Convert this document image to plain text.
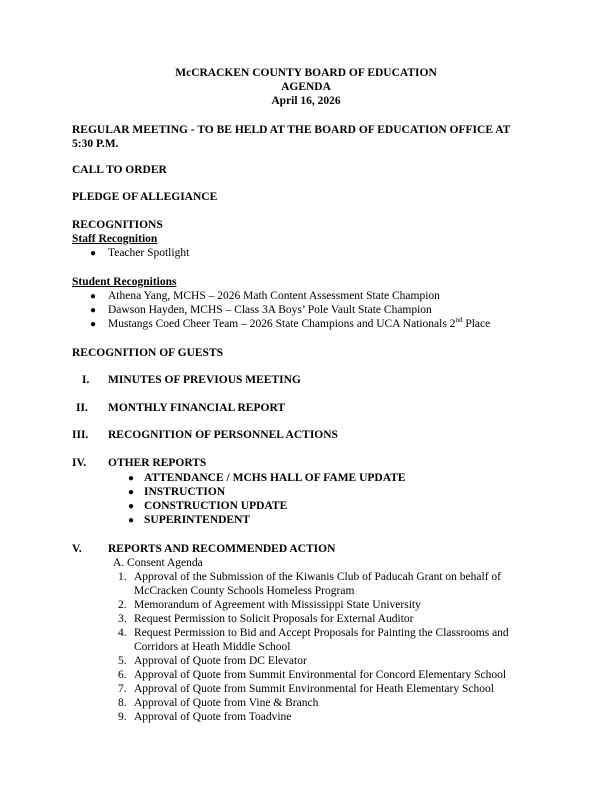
McCRACKEN COUNTY BOARD OF EDUCATION
AGENDA
April 16, 2026
REGULAR MEETING - TO BE HELD AT THE BOARD OF EDUCATION OFFICE AT
5:30 P.M.
CALL TO ORDER
PLEDGE OF ALLEGIANCE
RECOGNITIONS
Staff Recognition
● Teacher Spotlight
Student Recognitions
● Athena Yang, MCHS – 2026 Math Content Assessment State Champion
● Dawson Hayden, MCHS – Class 3A Boys’ Pole Vault State Champion
● Mustangs Coed Cheer Team – 2026 State Champions and UCA Nationals 2nd Place
RECOGNITION OF GUESTS
I. MINUTES OF PREVIOUS MEETING
II. MONTHLY FINANCIAL REPORT
III. RECOGNITION OF PERSONNEL ACTIONS
IV. OTHER REPORTS
● ATTENDANCE / MCHS HALL OF FAME UPDATE
● INSTRUCTION
● CONSTRUCTION UPDATE
● SUPERINTENDENT
V. REPORTS AND RECOMMENDED ACTION
A. Consent Agenda
1. Approval of the Submission of the Kiwanis Club of Paducah Grant on behalf of
McCracken County Schools Homeless Program
2. Memorandum of Agreement with Mississippi State University
3. Request Permission to Solicit Proposals for External Auditor
4. Request Permission to Bid and Accept Proposals for Painting the Classrooms and
Corridors at Heath Middle School
5. Approval of Quote from DC Elevator
6. Approval of Quote from Summit Environmental for Concord Elementary School
7. Approval of Quote from Summit Environmental for Heath Elementary School
8. Approval of Quote from Vine & Branch
9. Approval of Quote from Toadvine
